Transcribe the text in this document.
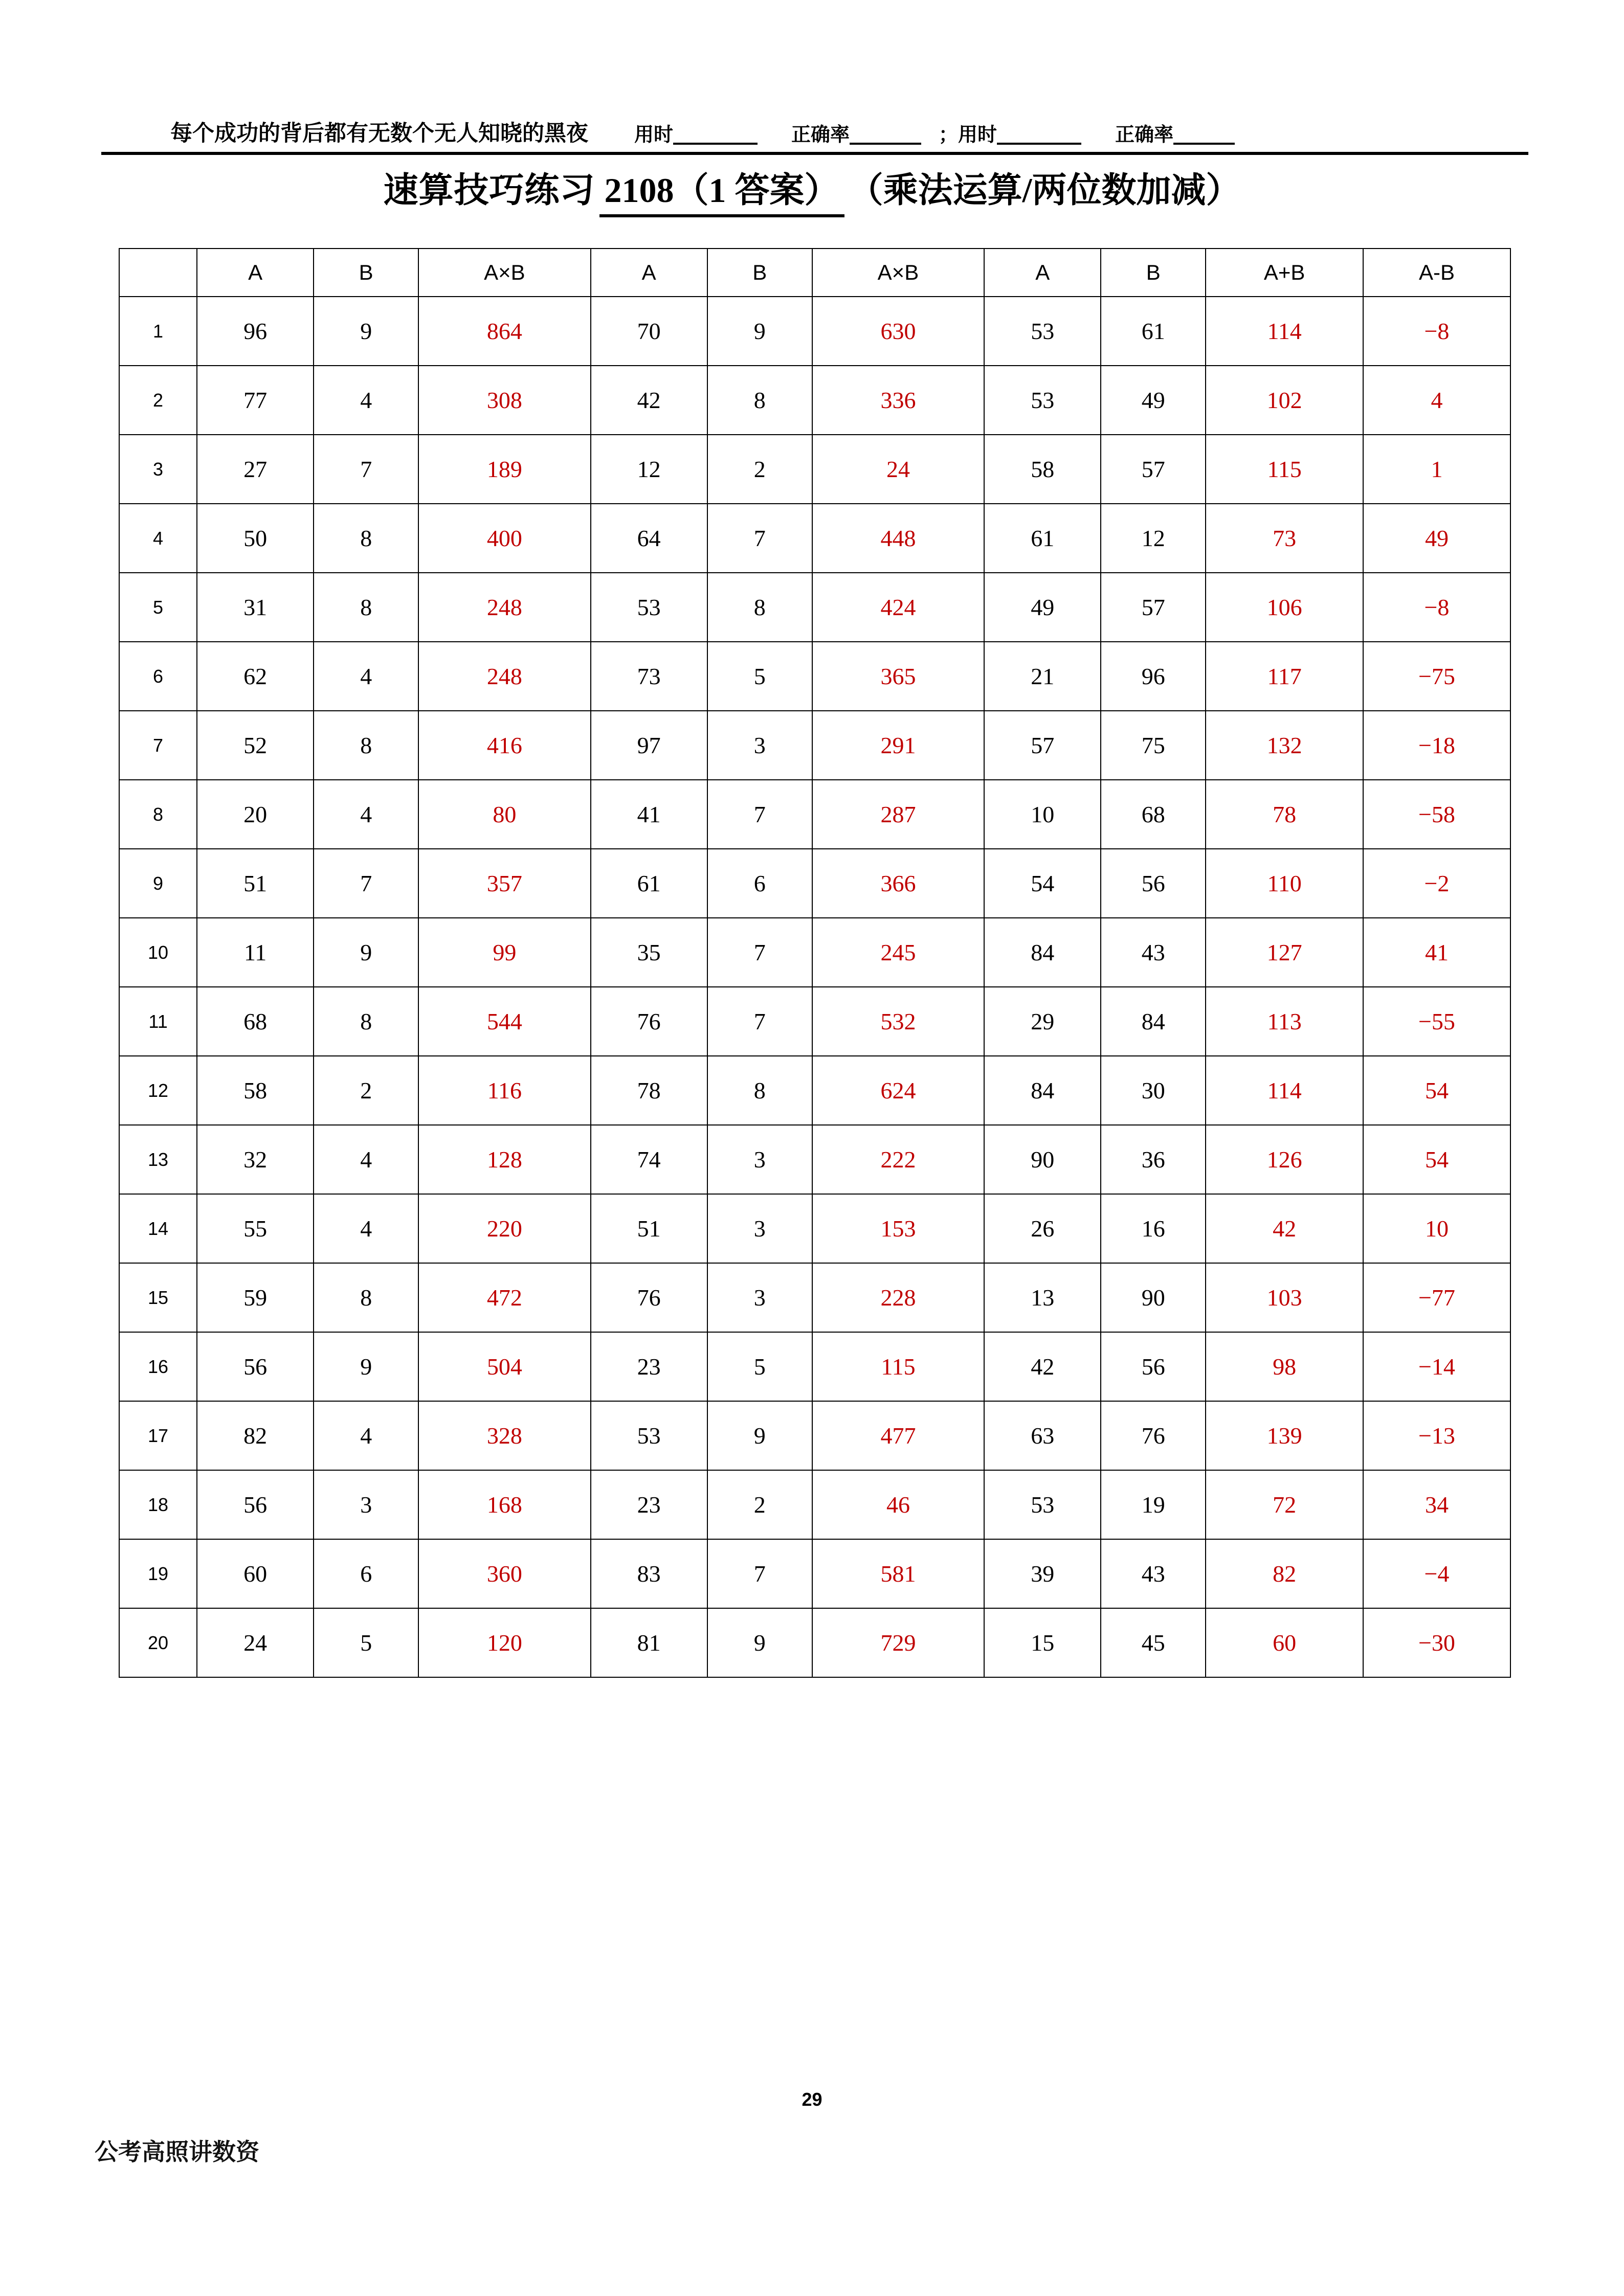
每个成功的背后都有无数个无人知晓的黑夜 用时	正确率	； 用时	正确率
速算技巧练习 2108（1 答案） （乘法运算/两位数加减）
	A	B	A×B	A	B	A×B	A	B	A+B	A-B
1	96	9	864	70	9	630	53	61	114	−8
2	77	4	308	42	8	336	53	49	102	4
3	27	7	189	12	2	24	58	57	115	1
4	50	8	400	64	7	448	61	12	73	49
5	31	8	248	53	8	424	49	57	106	−8
6	62	4	248	73	5	365	21	96	117	−75
7	52	8	416	97	3	291	57	75	132	−18
8	20	4	80	41	7	287	10	68	78	−58
9	51	7	357	61	6	366	54	56	110	−2
10	11	9	99	35	7	245	84	43	127	41
11	68	8	544	76	7	532	29	84	113	−55
12	58	2	116	78	8	624	84	30	114	54
13	32	4	128	74	3	222	90	36	126	54
14	55	4	220	51	3	153	26	16	42	10
15	59	8	472	76	3	228	13	90	103	−77
16	56	9	504	23	5	115	42	56	98	−14
17	82	4	328	53	9	477	63	76	139	−13
18	56	3	168	23	2	46	53	19	72	34
19	60	6	360	83	7	581	39	43	82	−4
20	24	5	120	81	9	729	15	45	60	−30
29
公考高照讲数资
